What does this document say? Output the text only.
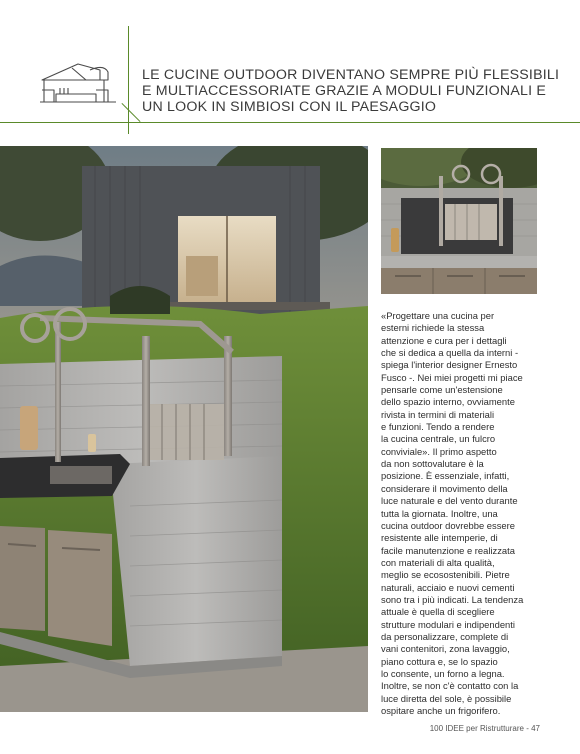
LE CUCINE OUTDOOR DIVENTANO SEMPRE PIÙ FLESSIBILI
E MULTIACCESSORIATE GRAZIE A MODULI FUNZIONALI E
UN LOOK IN SIMBIOSI CON IL PAESAGGIO
«Progettare una cucina per
esterni richiede la stessa
attenzione e cura per i dettagli
che si dedica a quella da interni -
spiega l'interior designer Ernesto
Fusco -. Nei miei progetti mi piace
pensarle come un'estensione
dello spazio interno, ovviamente
rivista in termini di materiali
e funzioni. Tendo a rendere
la cucina centrale, un fulcro
conviviale». Il primo aspetto
da non sottovalutare è la
posizione. È essenziale, infatti,
considerare il movimento della
luce naturale e del vento durante
tutta la giornata. Inoltre, una
cucina outdoor dovrebbe essere
resistente alle intemperie, di
facile manutenzione e realizzata
con materiali di alta qualità,
meglio se ecosostenibili. Pietre
naturali, acciaio e nuovi cementi
sono tra i più indicati. La tendenza
attuale è quella di scegliere
strutture modulari e indipendenti
da personalizzare, complete di
vani contenitori, zona lavaggio,
piano cottura e, se lo spazio
lo consente, un forno a legna.
Inoltre, se non c'è contatto con la
luce diretta del sole, è possibile
ospitare anche un frigorifero.
100 IDEE per Ristrutturare - 47
